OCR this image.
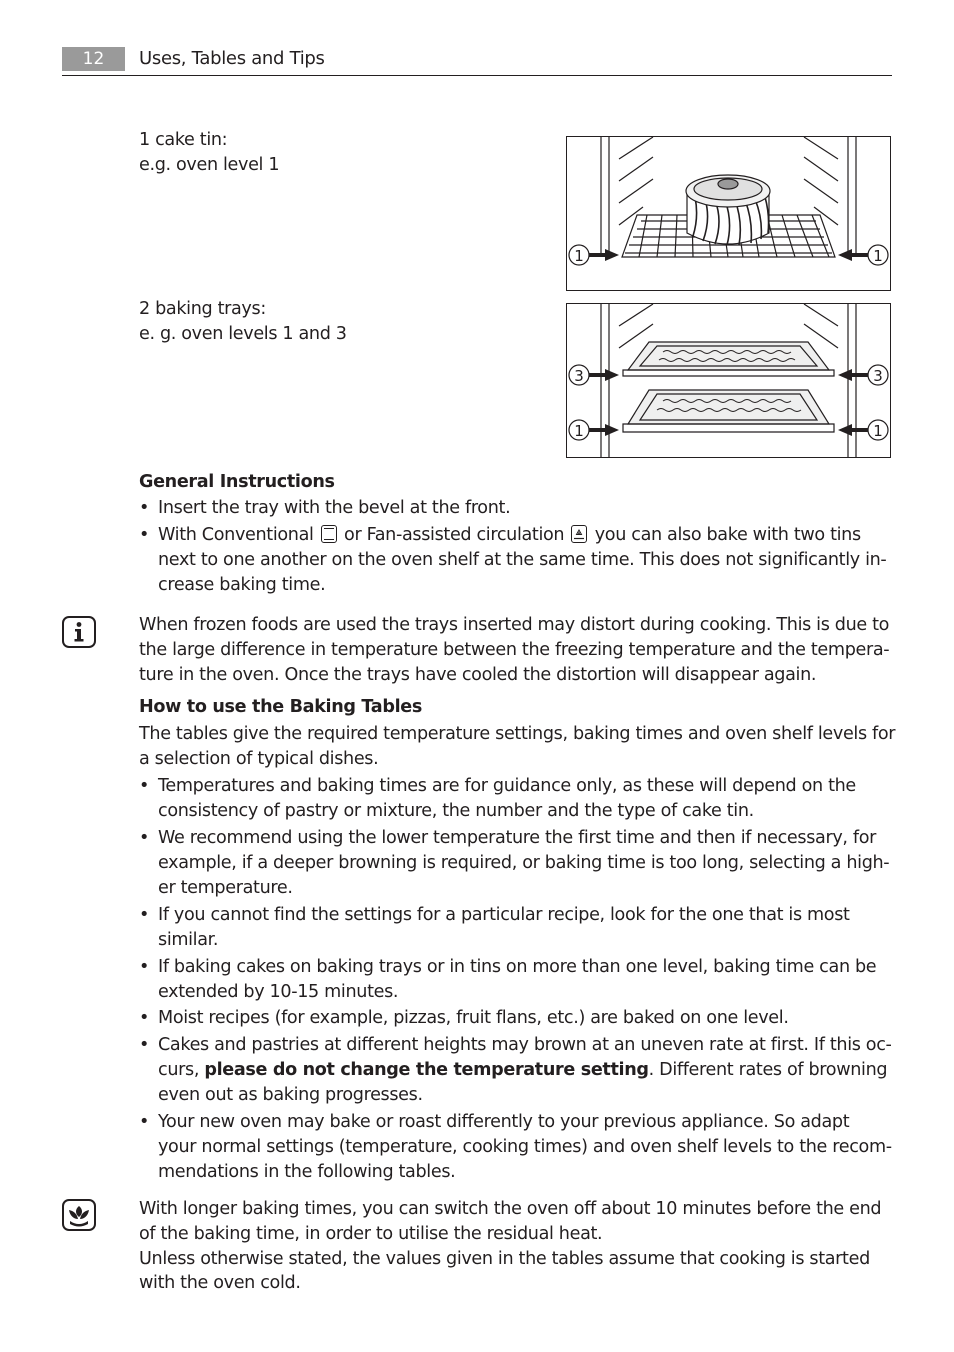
12	Uses, Tables and Tips
1 cake tin:
e.g. oven level 1
1	1
2 baking trays:
e. g. oven levels 1 and 3
3	3
1	1
General Instructions
• Insert the tray with the bevel at the front.
• With Conventional or Fan-assisted circulation you can also bake with two tins
next to one another on the oven shelf at the same time. This does not significantly in-
crease baking time.
When frozen foods are used the trays inserted may distort during cooking. This is due to
the large difference in temperature between the freezing temperature and the tempera-
ture in the oven. Once the trays have cooled the distortion will disappear again.
How to use the Baking Tables
The tables give the required temperature settings, baking times and oven shelf levels for
a selection of typical dishes.
• Temperatures and baking times are for guidance only, as these will depend on the
consistency of pastry or mixture, the number and the type of cake tin.
• We recommend using the lower temperature the first time and then if necessary, for
example, if a deeper browning is required, or baking time is too long, selecting a high-
er temperature.
• If you cannot find the settings for a particular recipe, look for the one that is most
similar.
• If baking cakes on baking trays or in tins on more than one level, baking time can be
extended by 10-15 minutes.
• Moist recipes (for example, pizzas, fruit flans, etc.) are baked on one level.
• Cakes and pastries at different heights may brown at an uneven rate at first. If this oc-
curs, please do not change the temperature setting. Different rates of browning
even out as baking progresses.
• Your new oven may bake or roast differently to your previous appliance. So adapt
your normal settings (temperature, cooking times) and oven shelf levels to the recom-
mendations in the following tables.
With longer baking times, you can switch the oven off about 10 minutes before the end
of the baking time, in order to utilise the residual heat.
Unless otherwise stated, the values given in the tables assume that cooking is started
with the oven cold.
